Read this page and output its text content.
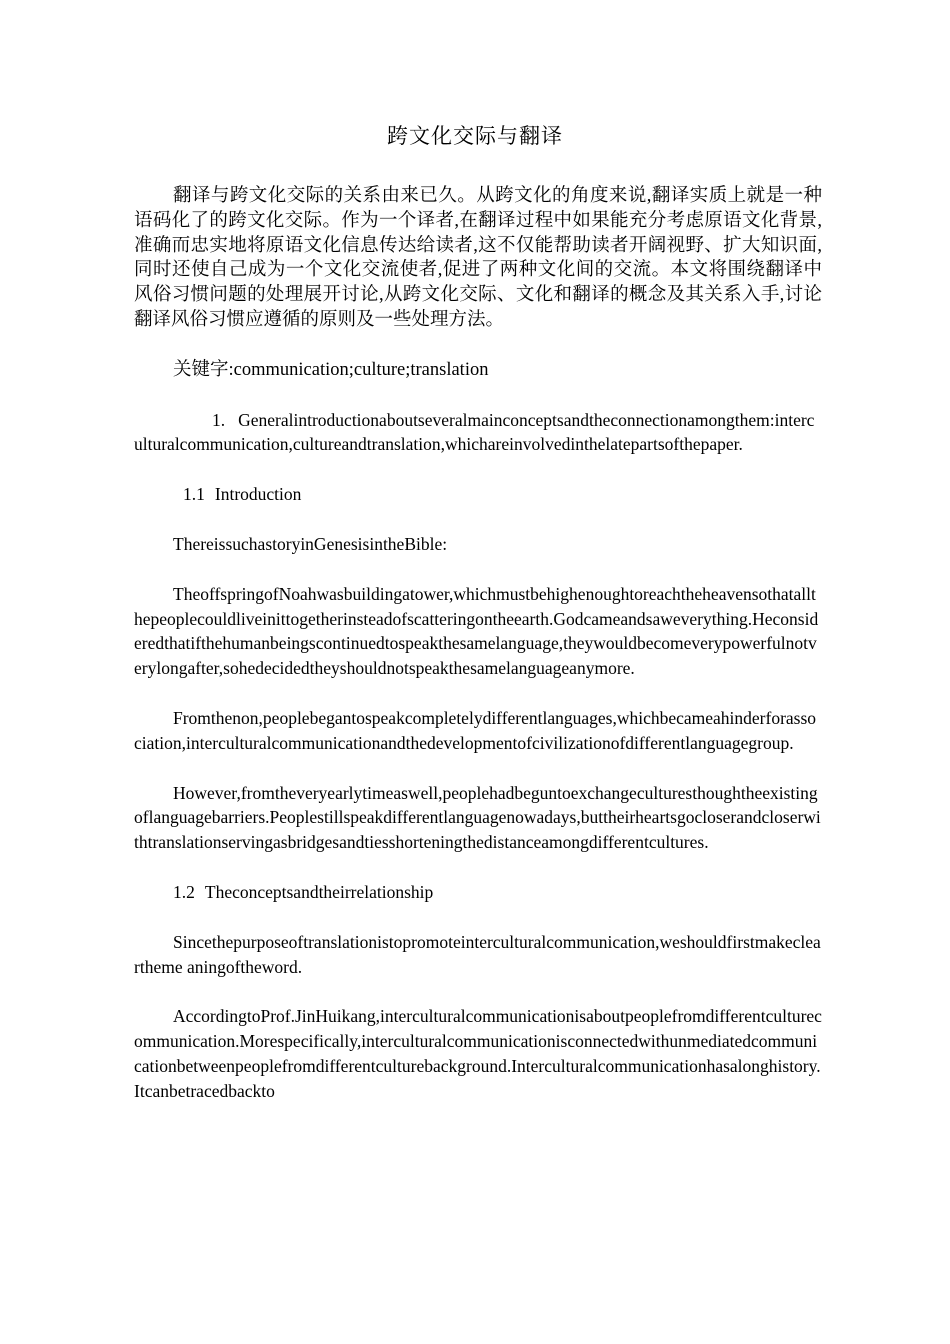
跨文化交际与翻译

翻译与跨文化交际的关系由来已久。从跨文化的角度来说,翻译实质上就是一种语码化了的跨文化交际。作为一个译者,在翻译过程中如果能充分考虑原语文化背景,准确而忠实地将原语文化信息传达给读者,这不仅能帮助读者开阔视野、扩大知识面,同时还使自己成为一个文化交流使者,促进了两种文化间的交流。本文将围绕翻译中风俗习惯问题的处理展开讨论,从跨文化交际、文化和翻译的概念及其关系入手,讨论翻译风俗习惯应遵循的原则及一些处理方法。

关键字:communication;culture;translation

1. Generalintroductionaboutseveralmainconceptsandtheconnectionamongthem:interculturalcommunication,cultureandtranslation,whichareinvolvedinthelatepartsofthepaper.

1.1 Introduction

ThereissuchastoryinGenesisintheBible:

TheoffspringofNoahwasbuildingatower,whichmustbehighenoughtoreachtheheavensothatallthepeoplecouldliveinittogetherinsteadofscatteringontheearth.Godcameandsaweverything.Heconsideredthatifthehumanbeingscontinuedtospeakthesamelanguage,theywouldbecomeverypowerfulnotverylongafter,sohedecidedtheyshouldnotspeakthesamelanguageanymore.

Fromthenon,peoplebegantospeakcompletelydifferentlanguages,whichbecameahinderforassociation,interculturalcommunicationandthedevelopmentofcivilizationofdifferentlanguagegroup.

However,fromtheveryearlytimeaswell,peoplehadbeguntoexchangeculturesthoughtheexistingoflanguagebarriers.Peoplestillspeakdifferentlanguagenowadays,buttheirheartsgocloserandcloserwithtranslationservingasbridgesandtiesshorteningthedistanceamongdifferentcultures.

1.2 Theconceptsandtheirrelationship

Sincethepurposeoftranslationistopromoteinterculturalcommunication,weshouldfirstmakecleartheme aningoftheword.

AccordingtoProf.JinHuikang,interculturalcommunicationisaboutpeoplefromdifferentculturecommunication.Morespecifically,interculturalcommunicationisconnectedwithunmediatedcommunicationbetweenpeoplefromdifferentculturebackground.Interculturalcommunicationhasalonghistory.Itcanbetracedbackto
